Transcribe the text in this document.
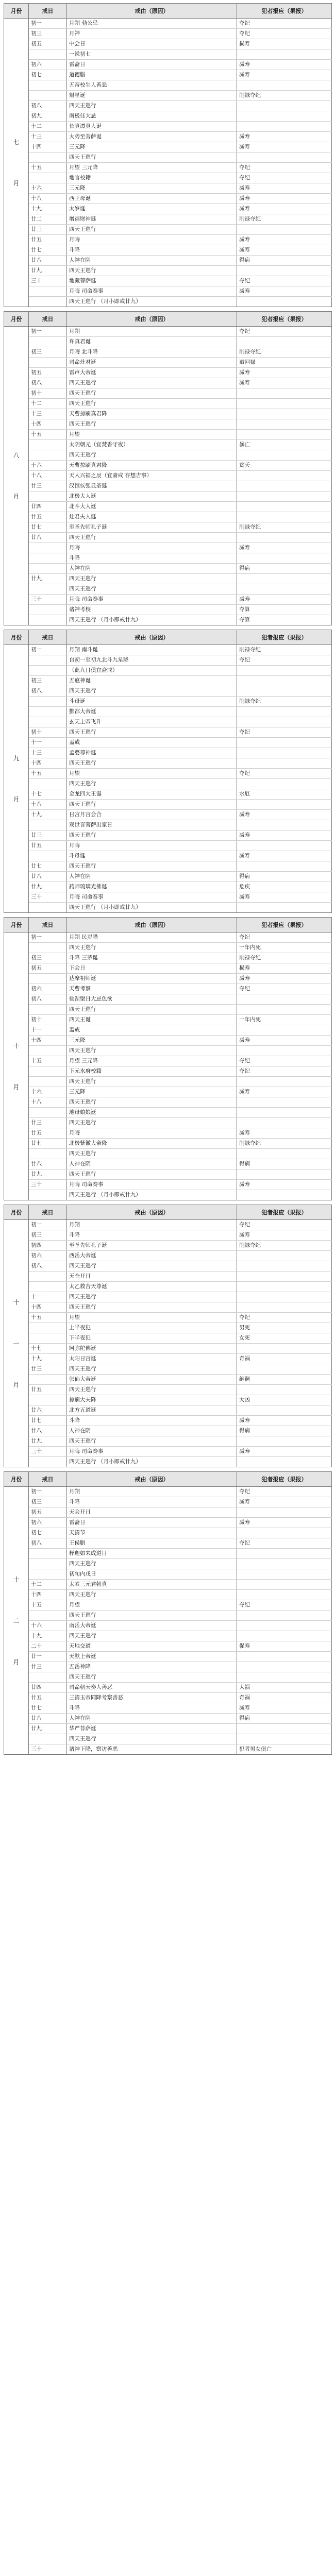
月份	戒日	戒由（原因）	犯者报应（果报）
七月	初一	月朔 勃公忌	夺纪
	初三	月神	夺纪
	初五	中会日	损寿
		一说初七	
	初六	雷斋日	减寿
	初七	道德腊	减寿
		五帝校生人善恶	
		魁星诞	削禄夺纪
	初八	四天王巡行	
	初九	南极佳大忌	
	十二	长真谭真人诞	
	十三	大势至菩萨诞	减寿
	十四	三元降	减寿
		四天王巡行	
	十五	月望 三元降	夺纪
		地官校籍	夺纪
	十六	三元降	减寿
	十八	西王母诞	减寿
	十九	太岁诞	减寿
	廿二	增福财神诞	削禄夺纪
	廿三	四天王巡行	
	廿五	月晦	减寿
	廿七	斗降	减寿
	廿八	人神在阴	得病
	廿九	四天王巡行	
	三十	地藏菩萨诞	夺纪
		月晦 司命奏事	减寿
		四天王巡行 （月小即戒廿九）	
月份	戒日	戒由（原因）	犯者报应（果报）
八月	初一	月朔	夺纪
		许真君诞	
	初三	月晦 北斗降	削禄夺纪
		司命灶君诞	遭回禄
	初五	雷声大帝诞	减寿
	初八	四天王巡行	减寿
	初十	四天王巡行	
	十二	四天王巡行	
	十三	天曹掠刷真君降	
	十四	四天王巡行	
	十五	月望	
		太阴朝元（宜焚香守夜）	暴亡
		四天王巡行	
	十六	天曹掠刷真君降	贫夭
	十八	天人兴福之辰（宜斋戒 存想吉事）	
	廿三	汉恒侯张显圣诞	
		北极大人诞	
	廿四	北斗大人诞	
	廿五	灶君夫人诞	
	廿七	至圣先师孔子诞	削禄夺纪
	廿八	四天王巡行	
		月晦	减寿
		斗降	
		人神在阴	得病
	廿九	四天王巡行	
		四天王巡行	
	三十	月晦 司命奏事	减寿
		诸神考校	夺算
		四天王巡行 （月小即戒廿九）	夺算
月份	戒日	戒由（原因）	犯者报应（果报）
九月	初一	月朔 南斗诞	削禄夺纪
		自初一至初九北斗九星降	夺纪
		（此九日俱宜斋戒）	
	初三	五瘟神诞	
	初八	四天王巡行	
		斗母诞	削禄夺纪
		酆都大帝诞	
		玄天上帝飞升	
	初十	四天王巡行	夺纪
	十一	盂戒	
	十三	孟婆尊神诞	
	十四	四天王巡行	
	十五	月望	夺纪
		四天王巡行	
	十七	金龙四大王诞	水厄
	十八	四天王巡行	
	十九	日宫月宫会合	减寿
		观世音菩萨出家日	
	廿三	四天王巡行	减寿
	廿五	月晦	
		斗母诞	减寿
	廿七	四天王巡行	
	廿八	人神在阴	得病
	廿九	药师琉璃光佛诞	危疾
	三十	月晦 司命奏事	减寿
		四天王巡行 （月小即戒廿九）	
月份	戒日	戒由（原因）	犯者报应（果报）
十月	初一	月朔 民岁腊	夺纪
		四天王巡行	一年内死
	初三	斗降 三茅诞	削禄夺纪
	初五	下会日	损寿
		达摩祖师诞	减寿
	初六	天曹考察	夺纪
	初八	佛涅槃日大忌色欲	
		四天王巡行	
	初十	四天王诞	一年内死
	十一	盂戒	
	十四	三元降	减寿
		四天王巡行	
	十五	月望 三元降	夺纪
		下元水府校籍	夺纪
		四天王巡行	
	十六	三元降	减寿
	十八	四天王巡行	
		地母娘娘诞	
	廿三	四天王巡行	
	廿五	月晦	减寿
	廿七	北极紫徽大帝降	削禄夺纪
		四天王巡行	
	廿八	人神在阴	得病
	廿九	四天王巡行	
	三十	月晦 司命奏事	减寿
		四天王巡行 （月小即戒廿九）	
月份	戒日	戒由（原因）	犯者报应（果报）
十一月	初一	月朔	夺纪
	初三	斗降	减寿
	初四	至圣先师孔子诞	削禄夺纪
	初六	西岳大帝诞	
	初八	四天王巡行	
		天仓开日	
		太乙救苦天尊诞	
	十一	四天王巡行	
	十四	四天王巡行	
	十五	月望	夺纪
		上半夜犯	男死
		下半夜犯	女死
	十七	阿弥陀佛诞	
	十九	太阳日宫诞	奇祸
	廿三	四天王巡行	
		张仙大帝诞	绝嗣
	廿五	四天王巡行	
		掠刷大夫降	大凶
	廿六	北方五道诞	
	廿七	斗降	减寿
	廿八	人神在阴	得病
	廿九	四天王巡行	
	三十	月晦 司命奏事	减寿
		四天王巡行 （月小即戒廿九）	
月份	戒日	戒由（原因）	犯者报应（果报）
十二月	初一	月朔	夺纪
	初三	斗降	减寿
	初五	天会开日	
	初六	雷斋日	减寿
	初七	天清节	
	初八	王侯腊	夺纪
		释迦如来成道日	
		四天王巡行	
		初旬内戊日	
	十二	太素三元君朝真	
	十四	四天王巡行	
	十五	月望	夺纪
		四天王巡行	
	十六	南岳大帝诞	
	十九	四天王巡行	
	二十	天地交道	促寿
	廿一	天猷上帝诞	
	廿三	五岳神降	
		四天王巡行	
	廿四	司命朝天奏人善恶	大祸
	廿五	三清玉帝同降考察善恶	奇祸
	廿七	斗降	减寿
	廿八	人神在阴	得病
	廿九	华严菩萨诞	
		四天王巡行	
	三十	诸神下降，察访善恶	犯者男女俱亡
